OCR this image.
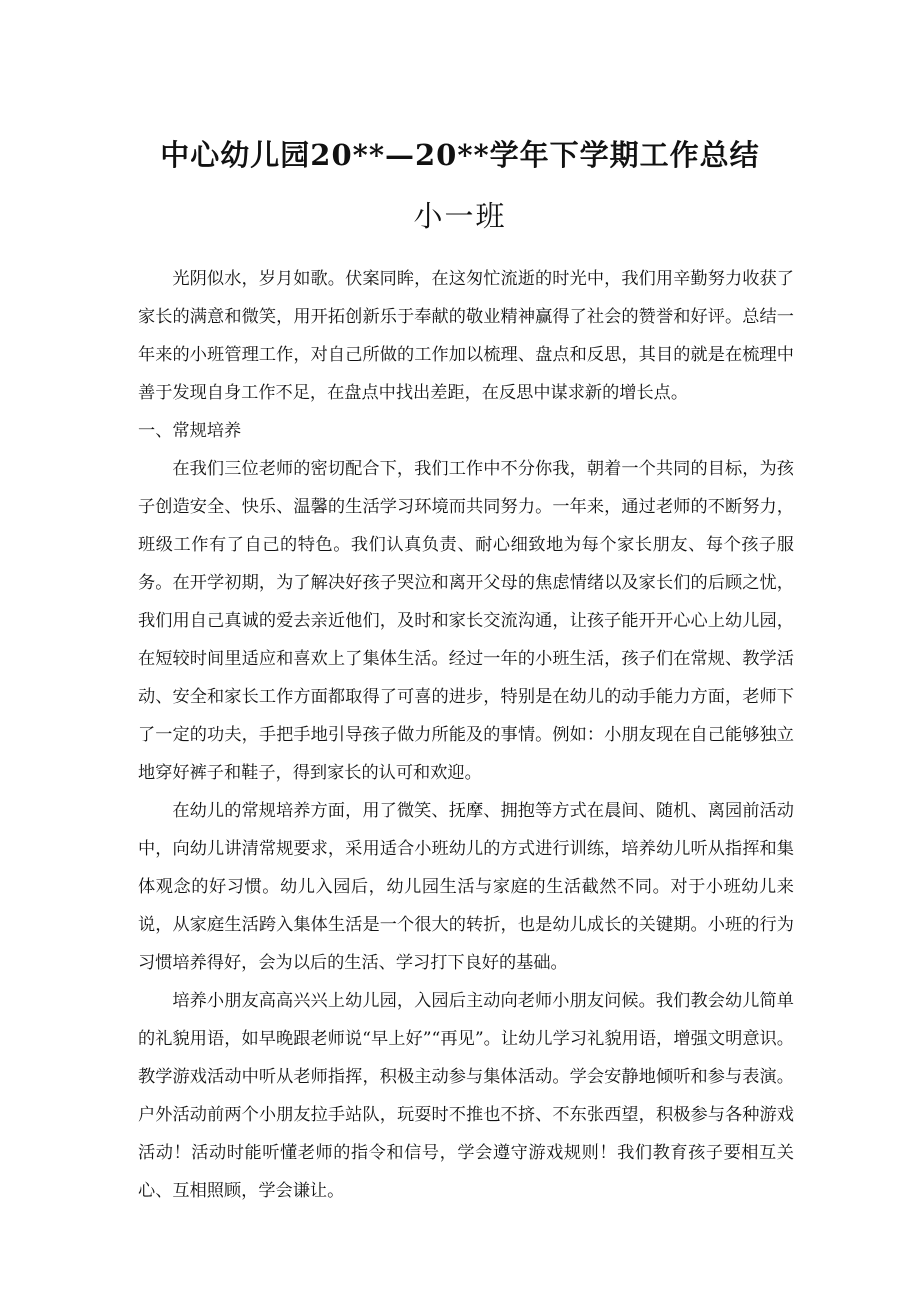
中心幼儿园20**—20**学年下学期工作总结
小一班

光阴似水，岁月如歌。伏案同眸，在这匆忙流逝的时光中，我们用辛勤努力收获了家长的满意和微笑，用开拓创新乐于奉献的敬业精神赢得了社会的赞誉和好评。总结一年来的小班管理工作，对自己所做的工作加以梳理、盘点和反思，其目的就是在梳理中善于发现自身工作不足，在盘点中找出差距，在反思中谋求新的增长点。

一、常规培养

在我们三位老师的密切配合下，我们工作中不分你我，朝着一个共同的目标，为孩子创造安全、快乐、温馨的生活学习环境而共同努力。一年来，通过老师的不断努力，班级工作有了自己的特色。我们认真负责、耐心细致地为每个家长朋友、每个孩子服务。在开学初期，为了解决好孩子哭泣和离开父母的焦虑情绪以及家长们的后顾之忧，我们用自己真诚的爱去亲近他们，及时和家长交流沟通，让孩子能开开心心上幼儿园，在短较时间里适应和喜欢上了集体生活。经过一年的小班生活，孩子们在常规、教学活动、安全和家长工作方面都取得了可喜的进步，特别是在幼儿的动手能力方面，老师下了一定的功夫，手把手地引导孩子做力所能及的事情。例如：小朋友现在自己能够独立地穿好裤子和鞋子，得到家长的认可和欢迎。

在幼儿的常规培养方面，用了微笑、抚摩、拥抱等方式在晨间、随机、离园前活动中，向幼儿讲清常规要求，采用适合小班幼儿的方式进行训练，培养幼儿听从指挥和集体观念的好习惯。幼儿入园后，幼儿园生活与家庭的生活截然不同。对于小班幼儿来说，从家庭生活跨入集体生活是一个很大的转折，也是幼儿成长的关键期。小班的行为习惯培养得好，会为以后的生活、学习打下良好的基础。

培养小朋友高高兴兴上幼儿园，入园后主动向老师小朋友问候。我们教会幼儿简单的礼貌用语，如早晚跟老师说“早上好”“再见”。让幼儿学习礼貌用语，增强文明意识。教学游戏活动中听从老师指挥，积极主动参与集体活动。学会安静地倾听和参与表演。户外活动前两个小朋友拉手站队，玩耍时不推也不挤、不东张西望，积极参与各种游戏活动！活动时能听懂老师的指令和信号，学会遵守游戏规则！我们教育孩子要相互关心、互相照顾，学会谦让。
